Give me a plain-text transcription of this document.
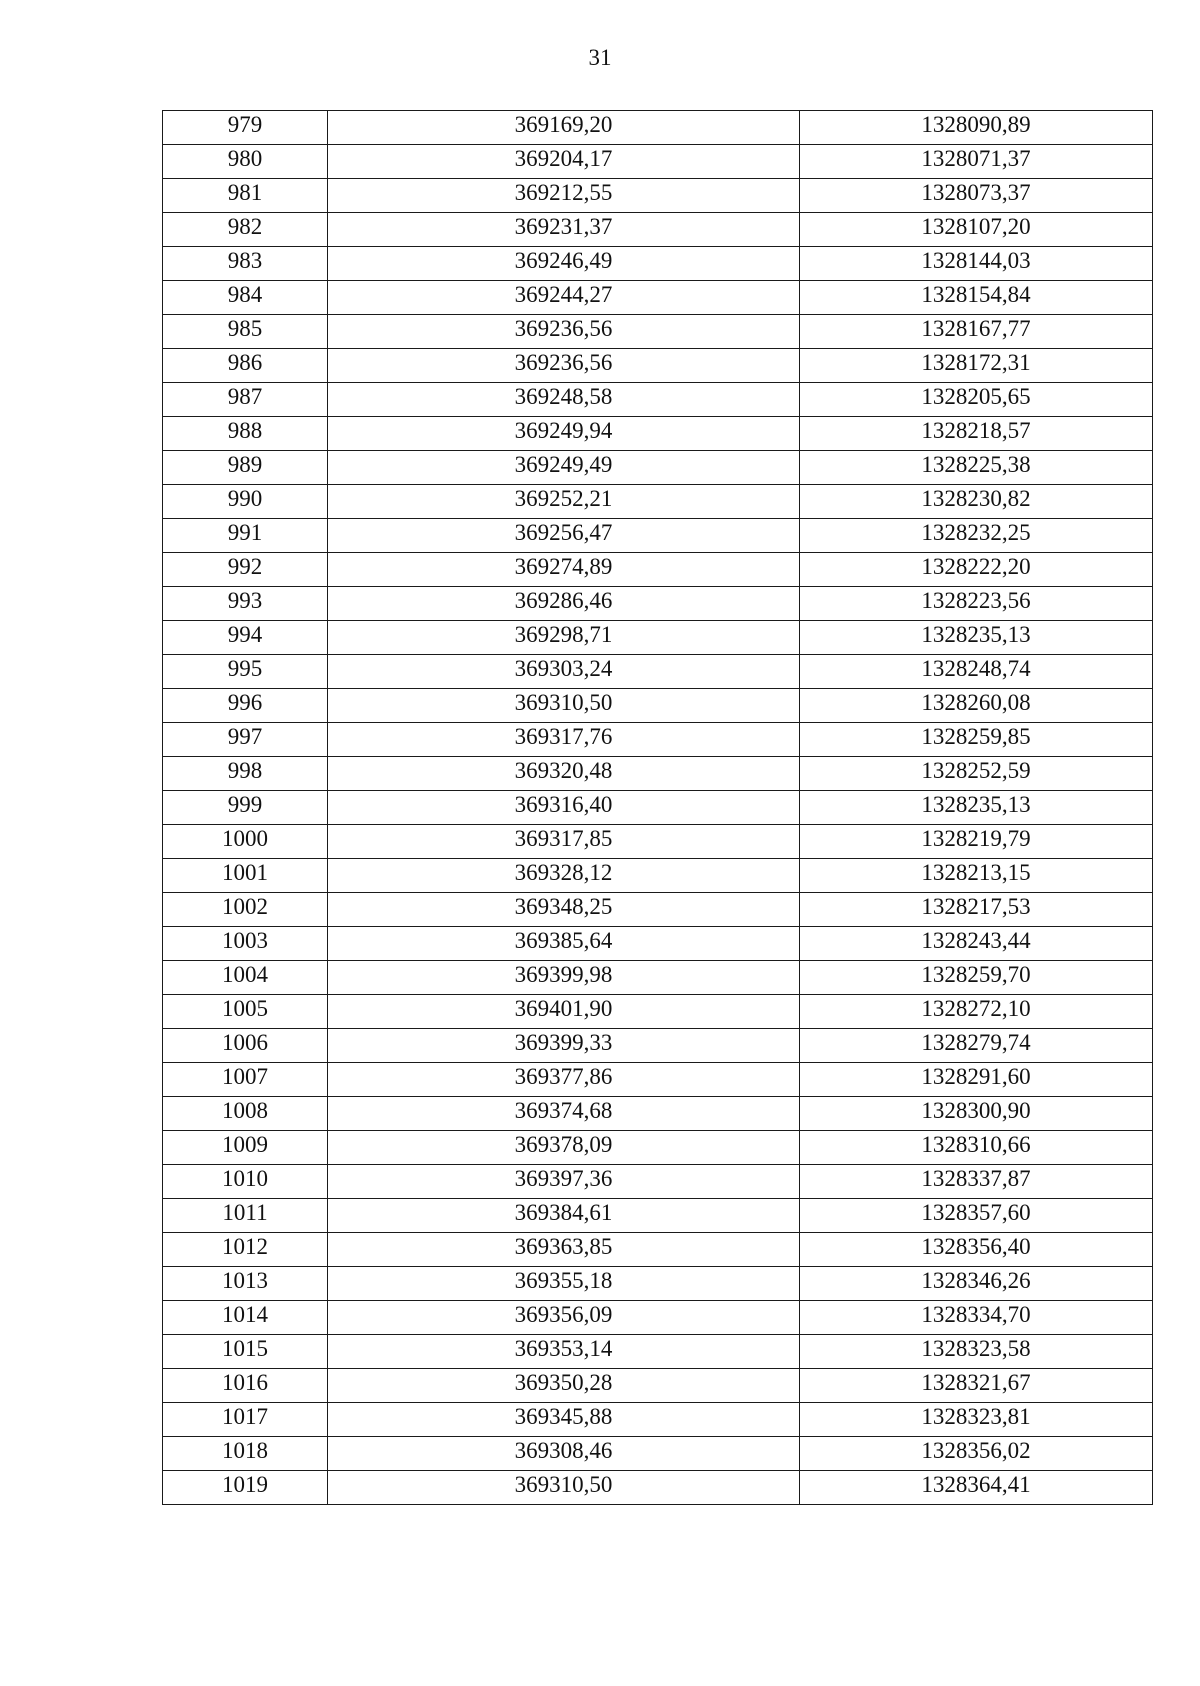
31
979	369169,20	1328090,89
980	369204,17	1328071,37
981	369212,55	1328073,37
982	369231,37	1328107,20
983	369246,49	1328144,03
984	369244,27	1328154,84
985	369236,56	1328167,77
986	369236,56	1328172,31
987	369248,58	1328205,65
988	369249,94	1328218,57
989	369249,49	1328225,38
990	369252,21	1328230,82
991	369256,47	1328232,25
992	369274,89	1328222,20
993	369286,46	1328223,56
994	369298,71	1328235,13
995	369303,24	1328248,74
996	369310,50	1328260,08
997	369317,76	1328259,85
998	369320,48	1328252,59
999	369316,40	1328235,13
1000	369317,85	1328219,79
1001	369328,12	1328213,15
1002	369348,25	1328217,53
1003	369385,64	1328243,44
1004	369399,98	1328259,70
1005	369401,90	1328272,10
1006	369399,33	1328279,74
1007	369377,86	1328291,60
1008	369374,68	1328300,90
1009	369378,09	1328310,66
1010	369397,36	1328337,87
1011	369384,61	1328357,60
1012	369363,85	1328356,40
1013	369355,18	1328346,26
1014	369356,09	1328334,70
1015	369353,14	1328323,58
1016	369350,28	1328321,67
1017	369345,88	1328323,81
1018	369308,46	1328356,02
1019	369310,50	1328364,41
